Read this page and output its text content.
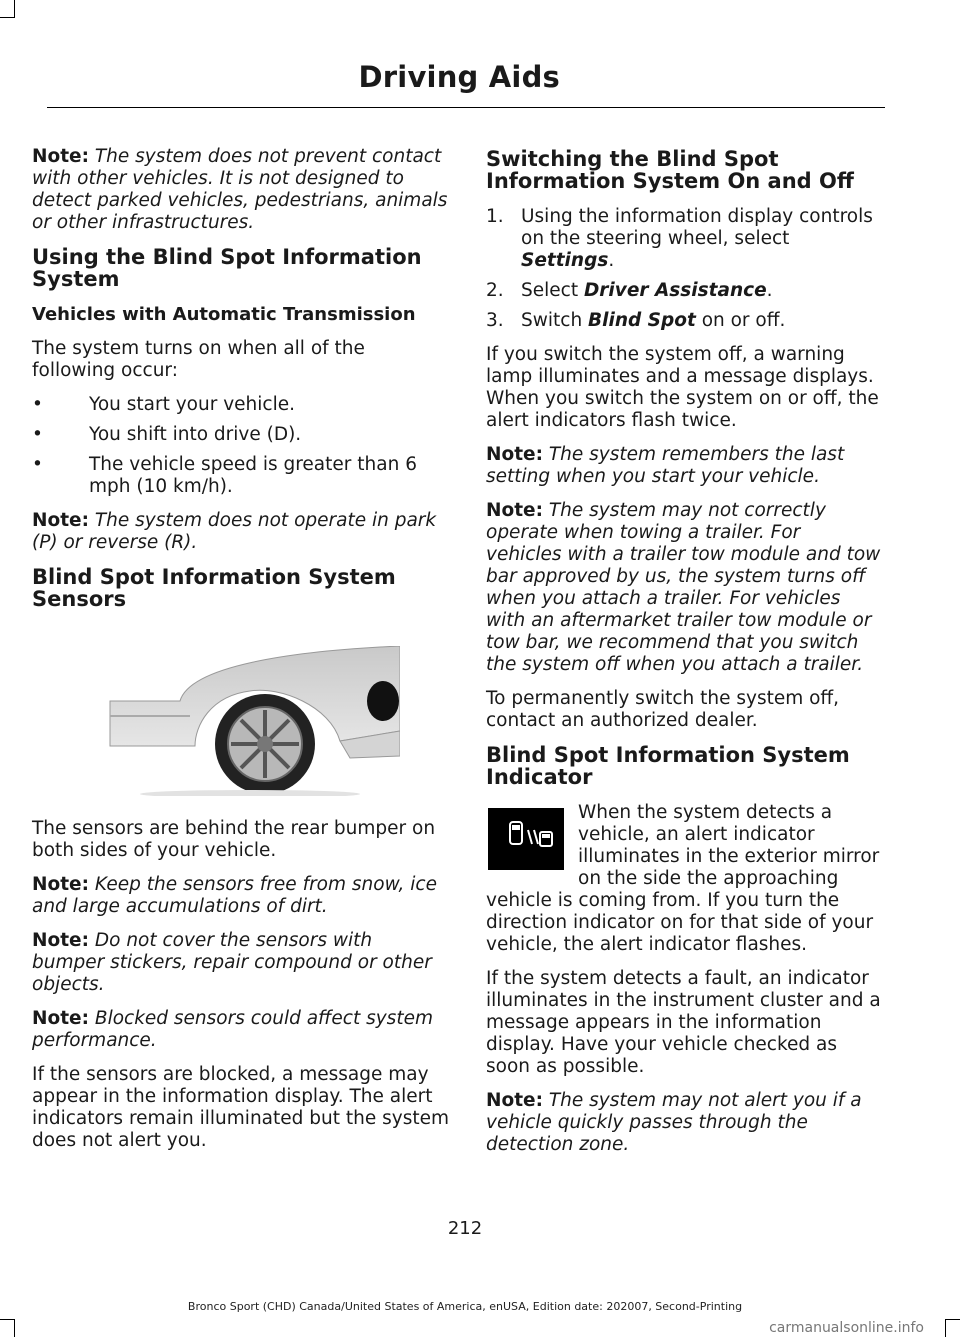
Driving Aids

Note: The system does not prevent contact with other vehicles. It is not designed to detect parked vehicles, pedestrians, animals or other infrastructures.

Using the Blind Spot Information System
Vehicles with Automatic Transmission

The system turns on when all of the following occur:

• You start your vehicle.
• You shift into drive (D).
• The vehicle speed is greater than 6 mph (10 km/h).

Note: The system does not operate in park (P) or reverse (R).

Blind Spot Information System Sensors

The sensors are behind the rear bumper on both sides of your vehicle.

Note: Keep the sensors free from snow, ice and large accumulations of dirt.

Note: Do not cover the sensors with bumper stickers, repair compound or other objects.

Note: Blocked sensors could affect system performance.

If the sensors are blocked, a message may appear in the information display. The alert indicators remain illuminated but the system does not alert you.

Switching the Blind Spot Information System On and Off
1. Using the information display controls on the steering wheel, select Settings.
2. Select Driver Assistance.
3. Switch Blind Spot on or off.

If you switch the system off, a warning lamp illuminates and a message displays. When you switch the system on or off, the alert indicators flash twice.

Note: The system remembers the last setting when you start your vehicle.

Note: The system may not correctly operate when towing a trailer. For vehicles with a trailer tow module and tow bar approved by us, the system turns off when you attach a trailer. For vehicles with an aftermarket trailer tow module or tow bar, we recommend that you switch the system off when you attach a trailer.

To permanently switch the system off, contact an authorized dealer.

Blind Spot Information System Indicator

When the system detects a vehicle, an alert indicator illuminates in the exterior mirror on the side the approaching vehicle is coming from. If you turn the direction indicator on for that side of your vehicle, the alert indicator flashes.

If the system detects a fault, an indicator illuminates in the instrument cluster and a message appears in the information display. Have your vehicle checked as soon as possible.

Note: The system may not alert you if a vehicle quickly passes through the detection zone.

212
Bronco Sport (CHD) Canada/United States of America, enUSA, Edition date: 202007, Second-Printing
carmanualsonline.info
